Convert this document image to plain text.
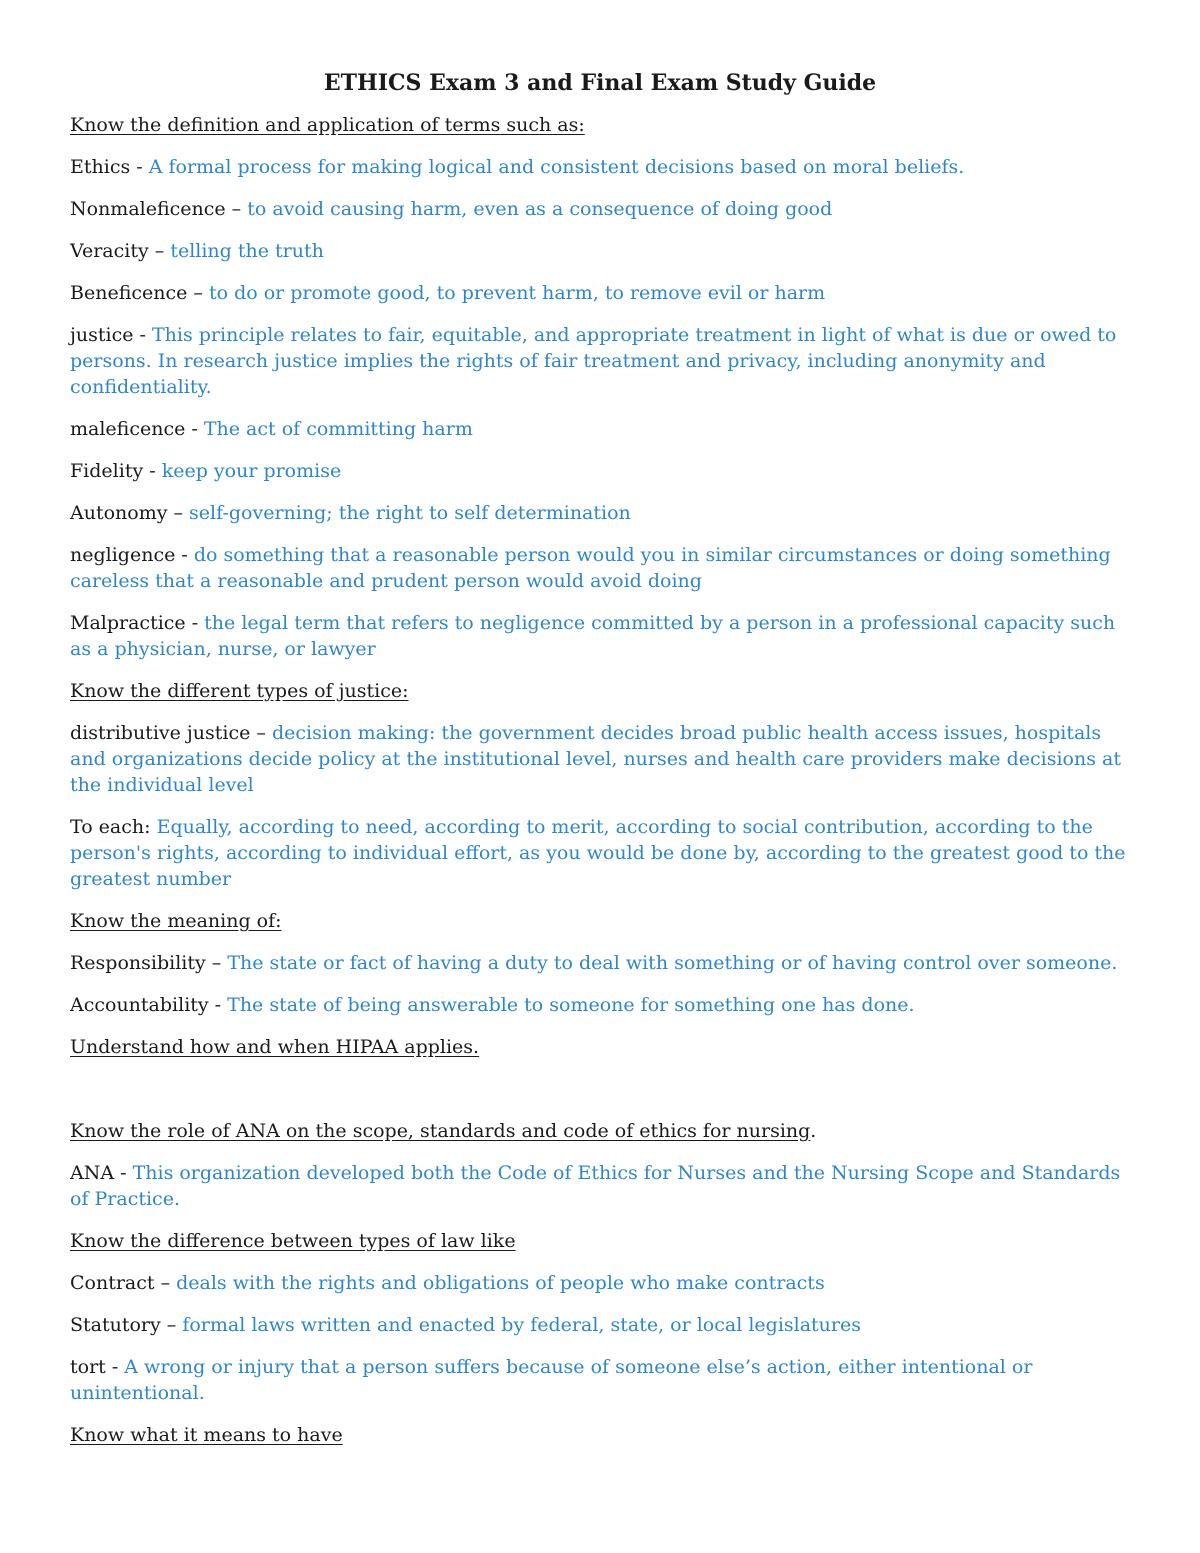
ETHICS Exam 3 and Final Exam Study Guide
Know the definition and application of terms such as:
Ethics - A formal process for making logical and consistent decisions based on moral beliefs.
Nonmaleficence – to avoid causing harm, even as a consequence of doing good
Veracity – telling the truth
Beneficence – to do or promote good, to prevent harm, to remove evil or harm
justice - This principle relates to fair, equitable, and appropriate treatment in light of what is due or owed to persons. In research justice implies the rights of fair treatment and privacy, including anonymity and confidentiality.
maleficence - The act of committing harm
Fidelity - keep your promise
Autonomy – self-governing; the right to self determination
negligence - do something that a reasonable person would you in similar circumstances or doing something careless that a reasonable and prudent person would avoid doing
Malpractice - the legal term that refers to negligence committed by a person in a professional capacity such as a physician, nurse, or lawyer
Know the different types of justice:
distributive justice – decision making: the government decides broad public health access issues, hospitals and organizations decide policy at the institutional level, nurses and health care providers make decisions at the individual level
To each: Equally, according to need, according to merit, according to social contribution, according to the person's rights, according to individual effort, as you would be done by, according to the greatest good to the greatest number
Know the meaning of:
Responsibility – The state or fact of having a duty to deal with something or of having control over someone.
Accountability - The state of being answerable to someone for something one has done.
Understand how and when HIPAA applies.
Know the role of ANA on the scope, standards and code of ethics for nursing.
ANA - This organization developed both the Code of Ethics for Nurses and the Nursing Scope and Standards of Practice.
Know the difference between types of law like
Contract – deals with the rights and obligations of people who make contracts
Statutory – formal laws written and enacted by federal, state, or local legislatures
tort - A wrong or injury that a person suffers because of someone else’s action, either intentional or unintentional.
Know what it means to have
